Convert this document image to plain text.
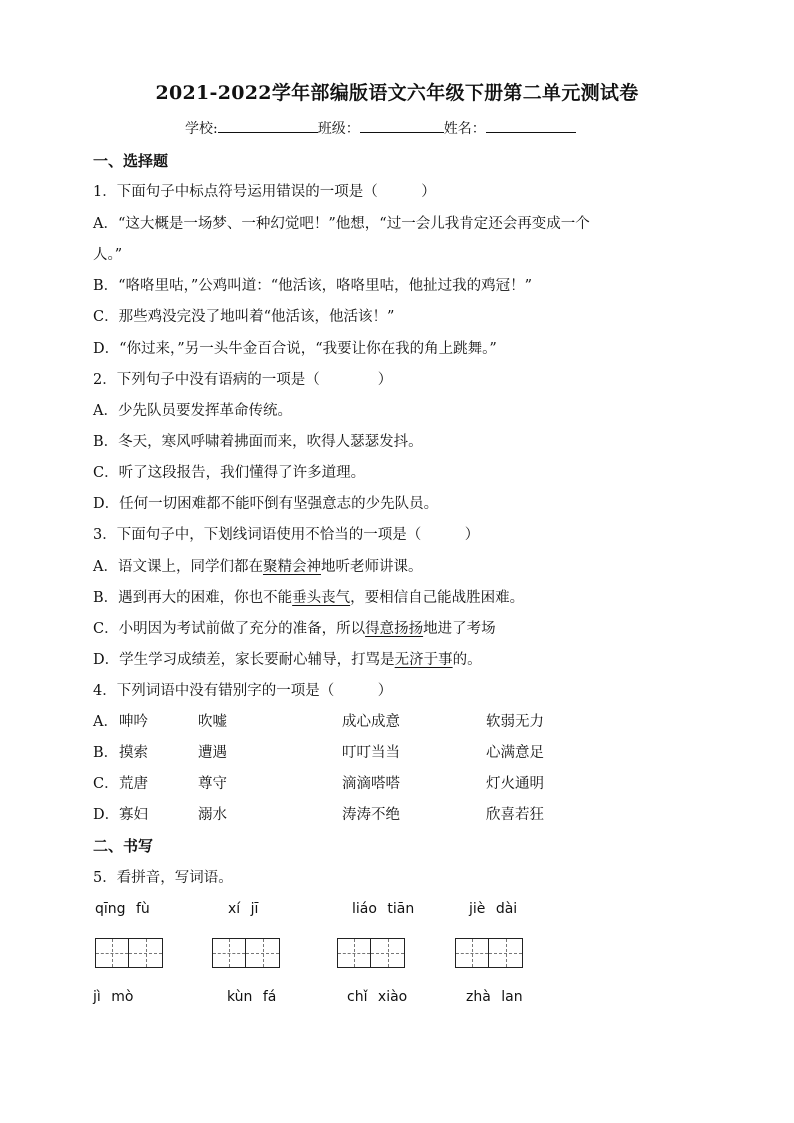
2021-2022学年部编版语文六年级下册第二单元测试卷
学校:	班级：	姓名：
一、选择题
1．下面句子中标点符号运用错误的一项是（　　　）
A．“这大概是一场梦、一种幻觉吧！”他想，“过一会儿我肯定还会再变成一个
人。”
B．“咯咯里咕，”公鸡叫道：“他活该，咯咯里咕，他扯过我的鸡冠！”
C．那些鸡没完没了地叫着“他活该，他活该！”
D．“你过来，”另一头牛金百合说，“我要让你在我的角上跳舞。”
2．下列句子中没有语病的一项是（　　　　）
A．少先队员要发挥革命传统。
B．冬天，寒风呼啸着拂面而来，吹得人瑟瑟发抖。
C．听了这段报告，我们懂得了许多道理。
D．任何一切困难都不能吓倒有坚强意志的少先队员。
3．下面句子中，下划线词语使用不恰当的一项是（　　　）
A．语文课上，同学们都在聚精会神地听老师讲课。
B．遇到再大的困难，你也不能垂头丧气，要相信自己能战胜困难。
C．小明因为考试前做了充分的准备，所以得意扬扬地进了考场
D．学生学习成绩差，家长要耐心辅导，打骂是无济于事的。
4．下列词语中没有错别字的一项是（　　　）
A． 呻吟	吹嘘	成心成意	软弱无力
B． 摸索	遭遇	叮叮当当	心满意足
C． 荒唐	尊守	滴滴嗒嗒	灯火通明
D． 寡妇	溺水	涛涛不绝	欣喜若狂
二、书写
5．看拼音，写词语。
qīng fù	xí jī	liáo tiān	jiè dài
jì mò	kùn fá	chǐ xiào	zhà lan
